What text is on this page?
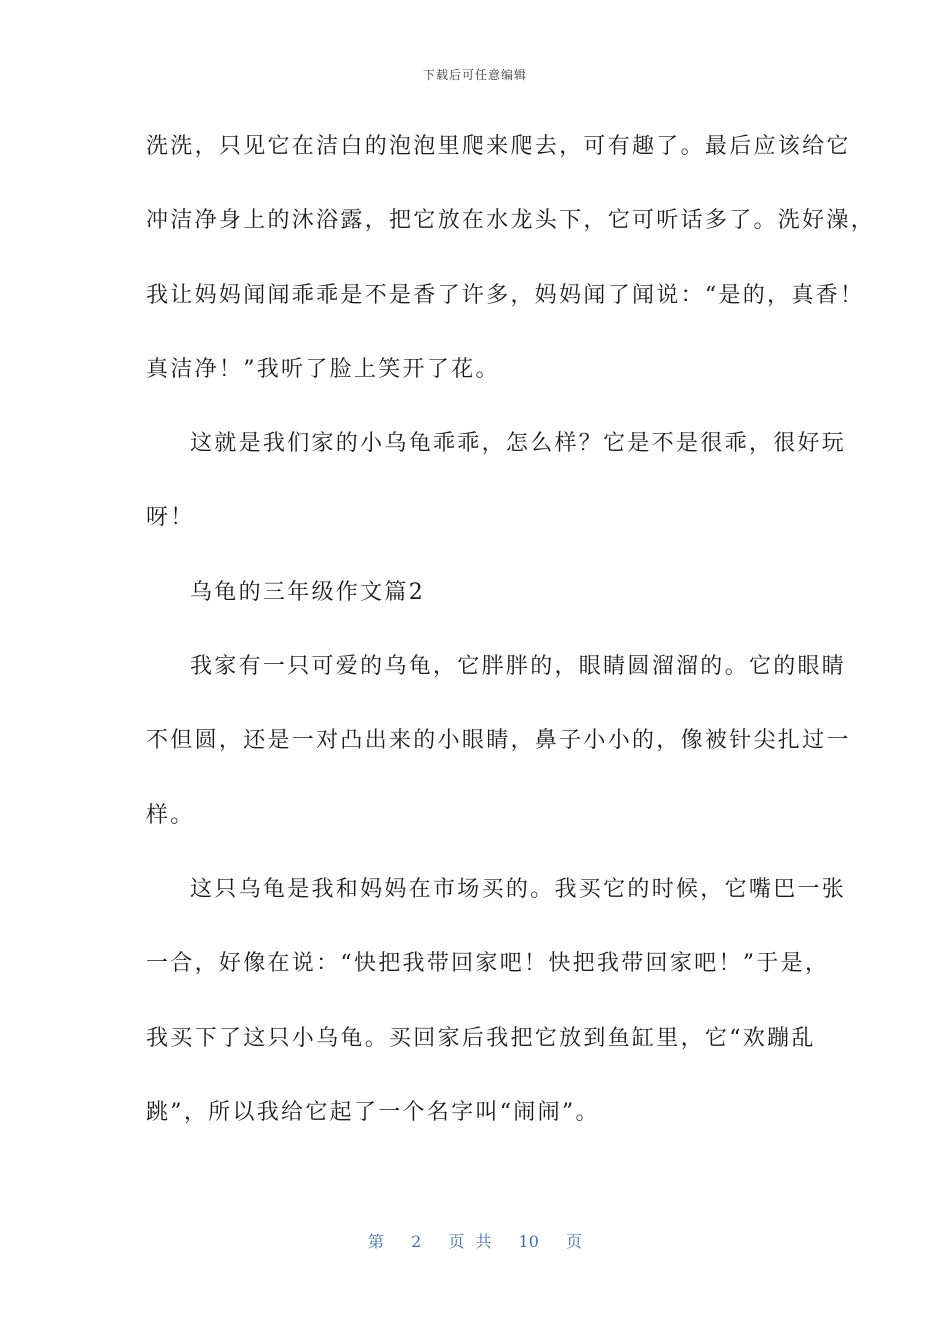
下载后可任意编辑
洗洗，只见它在洁白的泡泡里爬来爬去，可有趣了。最后应该给它
冲洁净身上的沐浴露，把它放在水龙头下，它可听话多了。洗好澡，
我让妈妈闻闻乖乖是不是香了许多，妈妈闻了闻说：“是的，真香！
真洁净！”我听了脸上笑开了花。
这就是我们家的小乌龟乖乖，怎么样？它是不是很乖，很好玩
呀！
乌龟的三年级作文篇2
我家有一只可爱的乌龟，它胖胖的，眼睛圆溜溜的。它的眼睛
不但圆，还是一对凸出来的小眼睛，鼻子小小的，像被针尖扎过一
样。
这只乌龟是我和妈妈在市场买的。我买它的时候，它嘴巴一张
一合，好像在说：“快把我带回家吧！快把我带回家吧！”于是，
我买下了这只小乌龟。买回家后我把它放到鱼缸里，它“欢蹦乱
跳”，所以我给它起了一个名字叫“闹闹”。
第 2 页 共 10 页
